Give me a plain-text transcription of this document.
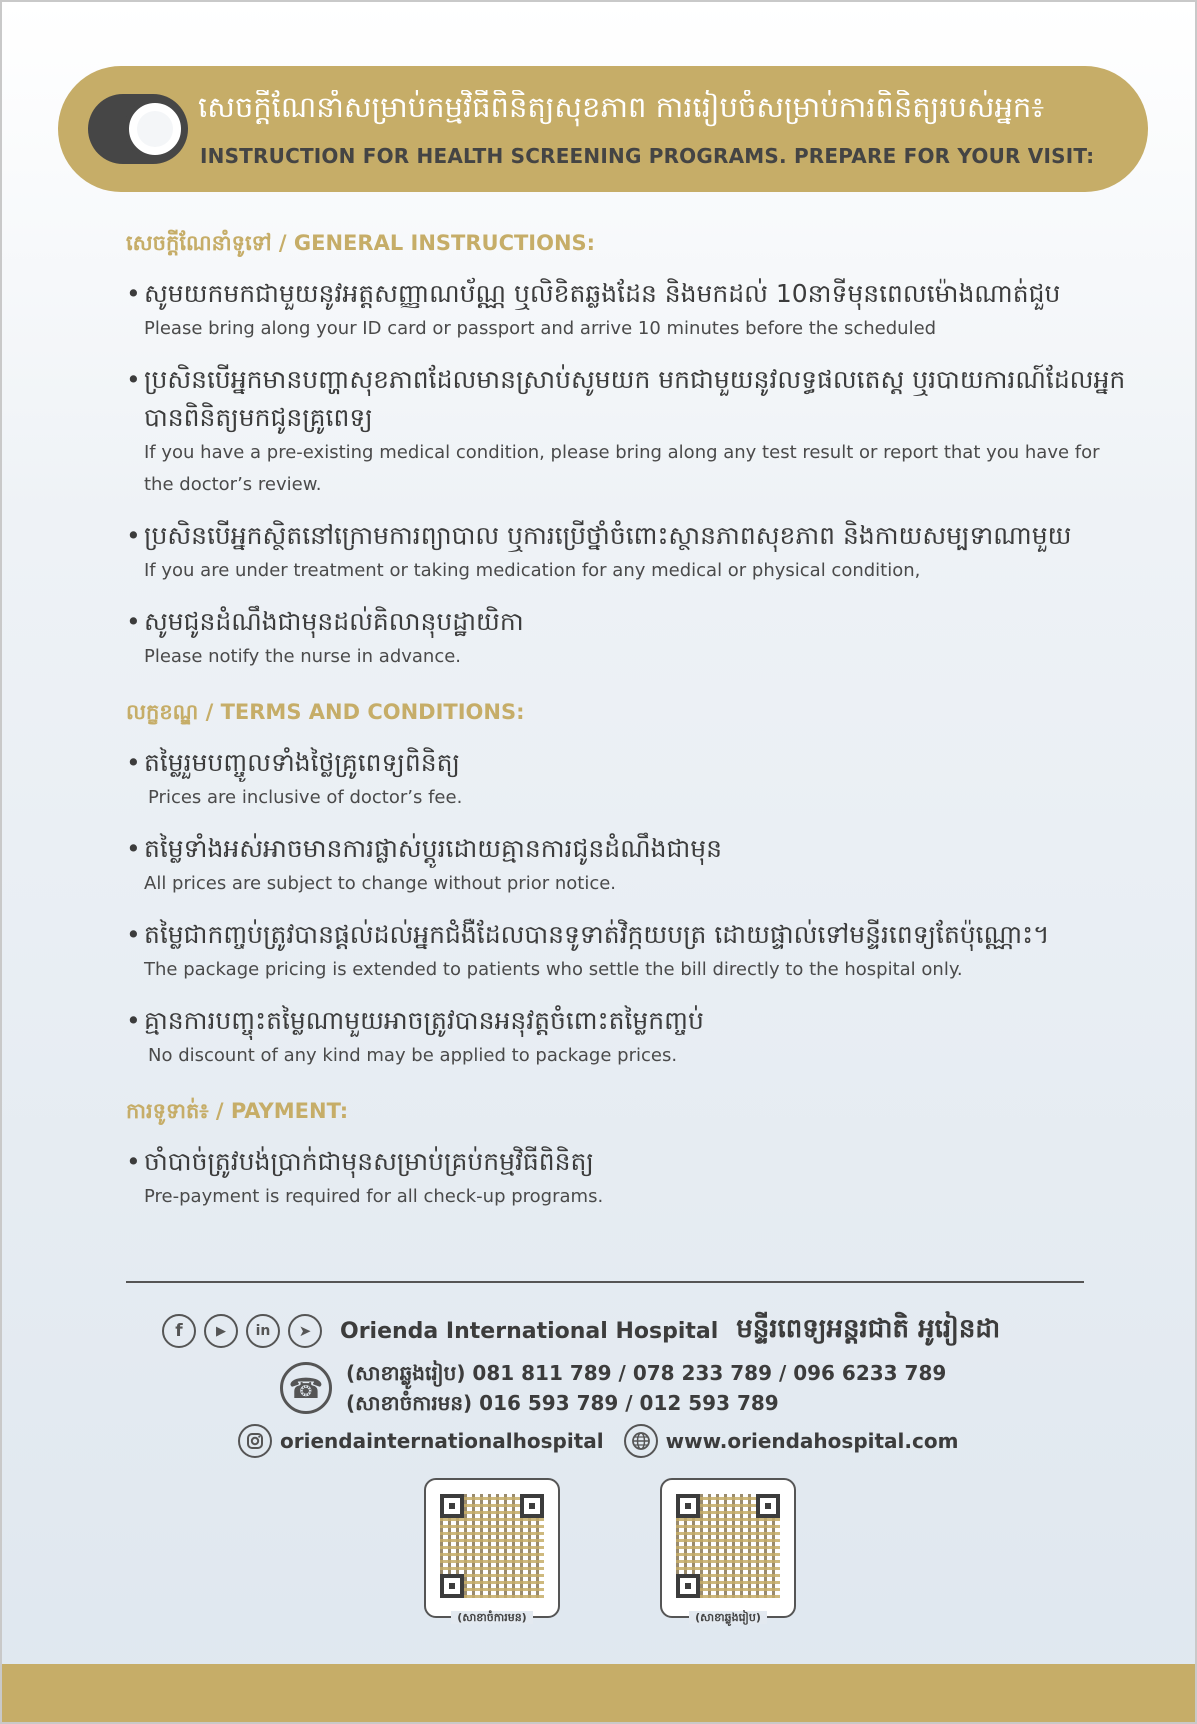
សេចក្តីណែនាំសម្រាប់កម្មវិធីពិនិត្យសុខភាព ការរៀបចំសម្រាប់ការពិនិត្យរបស់អ្នក៖
INSTRUCTION FOR HEALTH SCREENING PROGRAMS. PREPARE FOR YOUR VISIT:
សេចក្តីណែនាំទូទៅ / GENERAL INSTRUCTIONS:
• សូមយកមកជាមួយនូវអត្តសញ្ញាណប័ណ្ណ ឬលិខិតឆ្លងដែន និងមកដល់ 10នាទីមុនពេលម៉ោងណាត់ជួប
Please bring along your ID card or passport and arrive 10 minutes before the scheduled
• ប្រសិនបើអ្នកមានបញ្ហាសុខភាពដែលមានស្រាប់សូមយក មកជាមួយនូវលទ្ធផលតេស្ត ឬរបាយការណ៍ដែលអ្នកបានពិនិត្យមកជូនគ្រូពេទ្យ
If you have a pre-existing medical condition, please bring along any test result or report that you have for the doctor’s review.
• ប្រសិនបើអ្នកស្ថិតនៅក្រោមការព្យាបាល ឬការប្រើថ្នាំចំពោះស្ថានភាពសុខភាព និងកាយសម្បទាណាមួយ
If you are under treatment or taking medication for any medical or physical condition,
• សូមជូនដំណឹងជាមុនដល់គិលានុបដ្ឋាយិកា
Please notify the nurse in advance.
លក្ខខណ្ឌ / TERMS AND CONDITIONS:
• តម្លៃរួមបញ្ចូលទាំងថ្លៃគ្រូពេទ្យពិនិត្យ
Prices are inclusive of doctor’s fee.
• តម្លៃទាំងអស់អាចមានការផ្លាស់ប្តូរដោយគ្មានការជូនដំណឹងជាមុន
All prices are subject to change without prior notice.
• តម្លៃជាកញ្ចប់ត្រូវបានផ្តល់ដល់អ្នកជំងឺដែលបានទូទាត់វិក្កយបត្រ ដោយផ្ទាល់ទៅមន្ទីរពេទ្យតែប៉ុណ្ណោះ។
The package pricing is extended to patients who settle the bill directly to the hospital only.
• គ្មានការបញ្ចុះតម្លៃណាមួយអាចត្រូវបានអនុវត្តចំពោះតម្លៃកញ្ចប់
No discount of any kind may be applied to package prices.
ការទូទាត់៖ / PAYMENT:
• ចាំបាច់ត្រូវបង់ប្រាក់ជាមុនសម្រាប់គ្រប់កម្មវិធីពិនិត្យ
Pre-payment is required for all check-up programs.
f	▶	in	➤	Orienda International Hospital មន្ទីរពេទ្យអន្តរជាតិ អូរៀនដា
☎	(សាខាឆ្លូងរៀប) 081 811 789 / 078 233 789 / 096 6233 789
(សាខាចំការមន) 016 593 789 / 012 593 789
oriendainternationalhospital	www.oriendahospital.com
(សាខាចំការមន)	(សាខាឆ្លូងរៀប)
